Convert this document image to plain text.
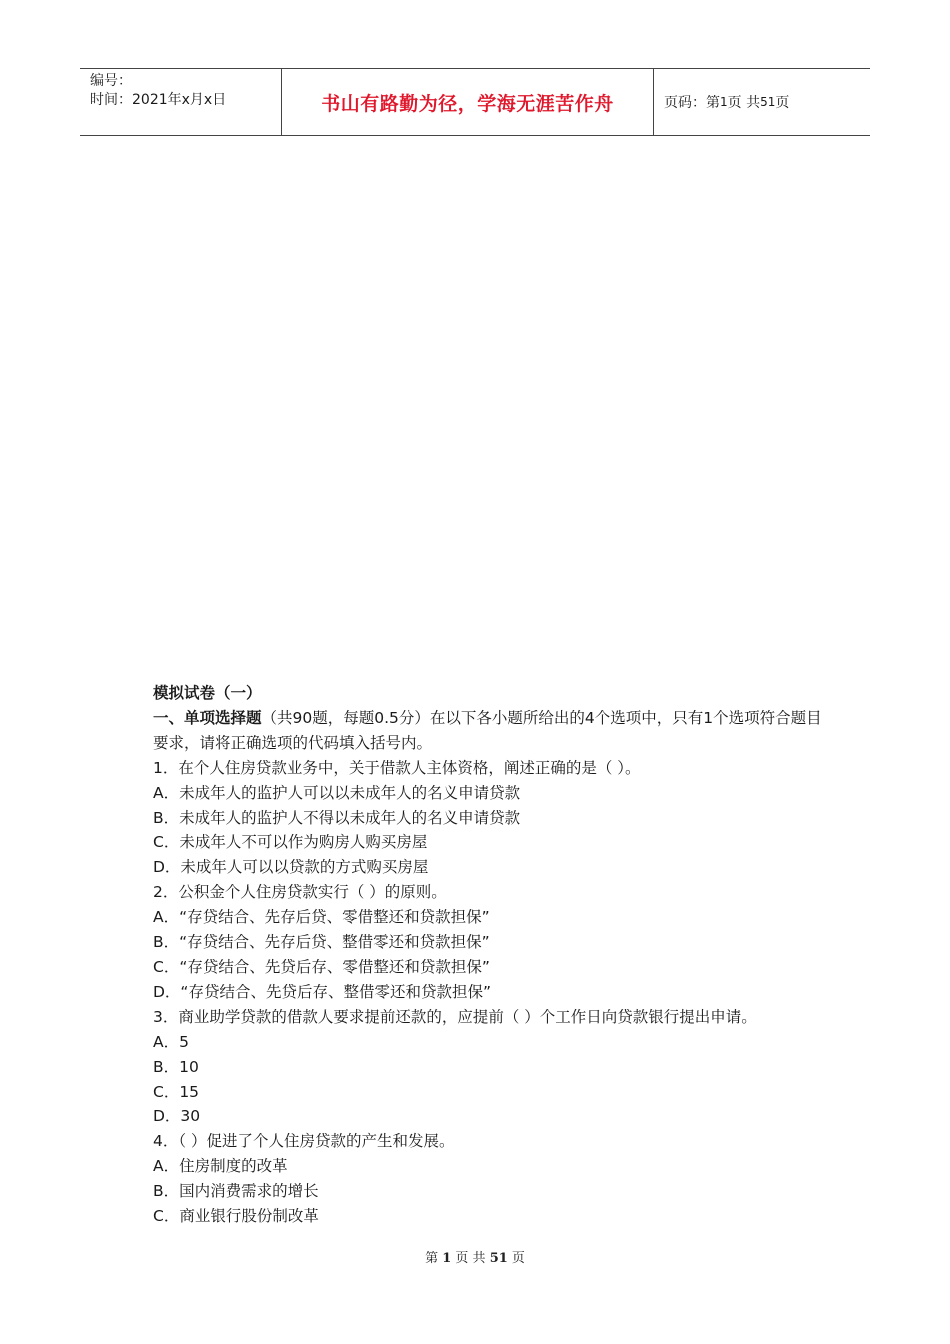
编号：
时间：2021年x月x日	书山有路勤为径，学海无涯苦作舟	页码：第 1 页 共 51 页

模拟试卷（一）

一、单项选择题（共90题，每题0.5分）在以下各小题所给出的4个选项中，只有1个选项符合题目要求，请将正确选项的代码填入括号内。

1．在个人住房贷款业务中，关于借款人主体资格，阐述正确的是（ ）。

A．未成年人的监护人可以以未成年人的名义申请贷款

B．未成年人的监护人不得以未成年人的名义申请贷款

C．未成年人不可以作为购房人购买房屋

D．未成年人可以以贷款的方式购买房屋

2．公积金个人住房贷款实行（ ）的原则。

A．“存贷结合、先存后贷、零借整还和贷款担保”

B．“存贷结合、先存后贷、整借零还和贷款担保”

C．“存贷结合、先贷后存、零借整还和贷款担保”

D．“存贷结合、先贷后存、整借零还和贷款担保”

3．商业助学贷款的借款人要求提前还款的，应提前（ ）个工作日向贷款银行提出申请。

A．5

B．10

C．15

D．30

4．（ ）促进了个人住房贷款的产生和发展。

A．住房制度的改革

B．国内消费需求的增长

C．商业银行股份制改革

第 1 页 共 51 页
